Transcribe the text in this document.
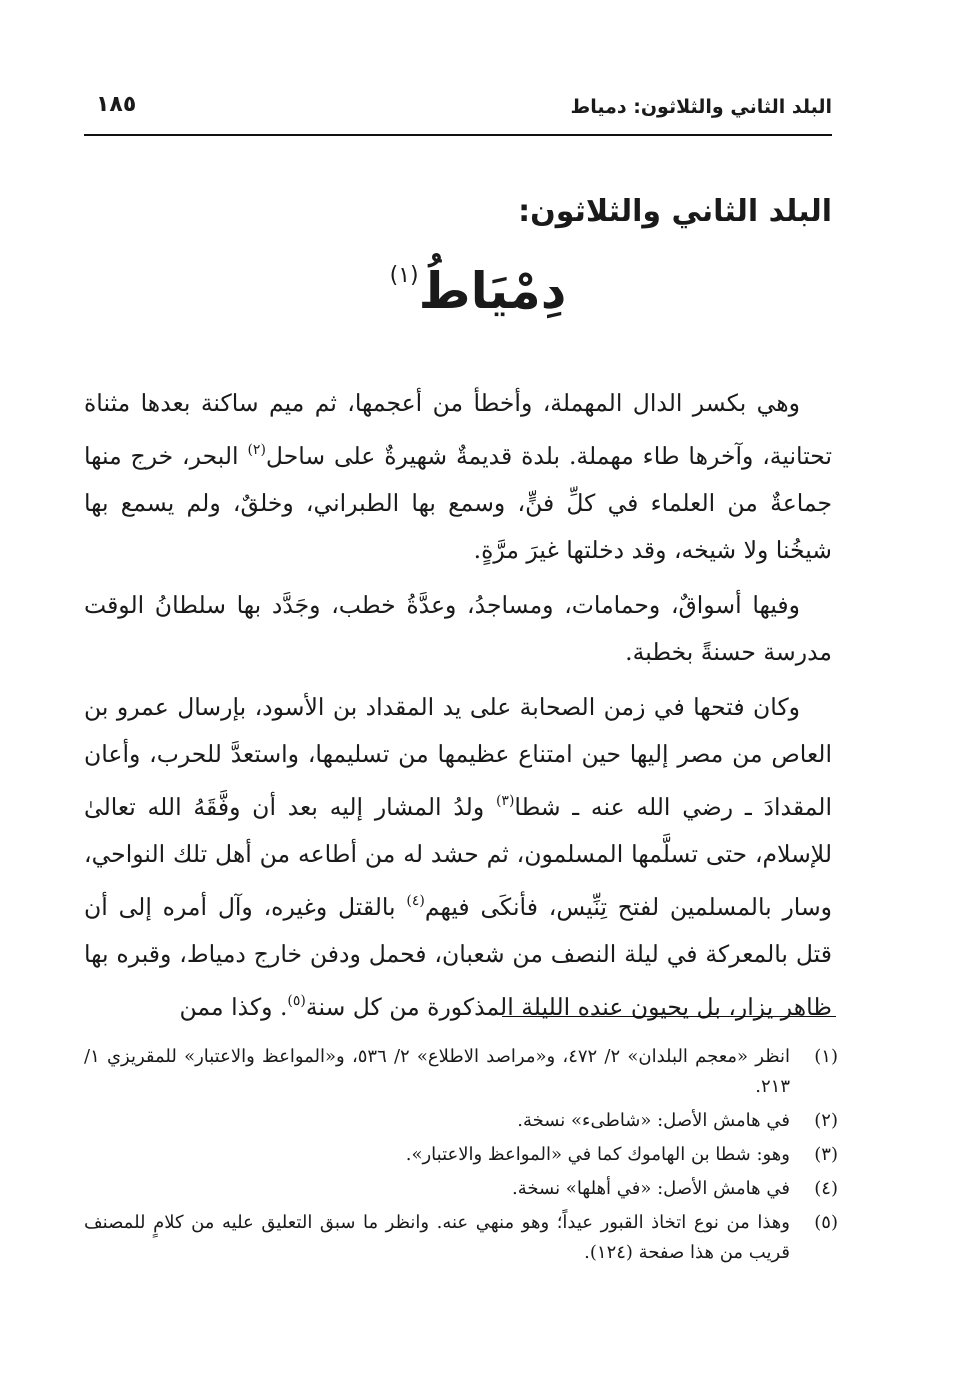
البلد الثاني والثلاثون: دمياط
١٨٥
البلد الثاني والثلاثون:
دِمْيَاطُ(١)

وهي بكسر الدال المهملة، وأخطأ من أعجمها، ثم ميم ساكنة بعدها مثناة تحتانية، وآخرها طاء مهملة. بلدة قديمةٌ شهيرةٌ على ساحل$^{(٢)}$ البحر، خرج منها جماعةٌ من العلماء في كلِّ فنٍّ، وسمع بها الطبراني، وخلقٌ، ولم يسمع بها شيخُنا ولا شيخه، وقد دخلتها غيرَ مرَّةٍ.

وفيها أسواقٌ، وحمامات، ومساجدُ، وعدَّةُ خطب، وجَدَّد بها سلطانُ الوقت مدرسة حسنةً بخطبة.

وكان فتحها في زمن الصحابة على يد المقداد بن الأسود، بإرسال عمرو بن العاص من مصر إليها حين امتناع عظيمها من تسليمها، واستعدَّ للحرب، وأعان المقدادَ ـ رضي الله عنه ـ شطا$^{(٣)}$ ولدُ المشار إليه بعد أن وفَّقَهُ الله تعالىٰ للإسلام، حتى تسلَّمها المسلمون، ثم حشد له من أطاعه من أهل تلك النواحي، وسار بالمسلمين لفتح تِنِّيس، فأنكَى فيهم$^{(٤)}$ بالقتل وغيره، وآل أمره إلى أن قتل بالمعركة في ليلة النصف من شعبان، فحمل ودفن خارج دمياط، وقبره بها ظاهر يزار، بل يحيون عنده الليلة المذكورة من كل سنة$^{(٥)}$. وكذا ممن

(١)
انظر «معجم البلدان» ٢/ ٤٧٢، و«مراصد الاطلاع» ٢/ ٥٣٦، و«المواعظ والاعتبار» للمقريزي ١/ ٢١٣.
(٢)
في هامش الأصل: «شاطىء» نسخة.
(٣)
وهو: شطا بن الهاموك كما في «المواعظ والاعتبار».
(٤)
في هامش الأصل: «في أهلها» نسخة.
(٥)
وهذا من نوع اتخاذ القبور عيداً؛ وهو منهي عنه. وانظر ما سبق التعليق عليه من كلامٍ للمصنف قريب من هذا صفحة (١٢٤).
